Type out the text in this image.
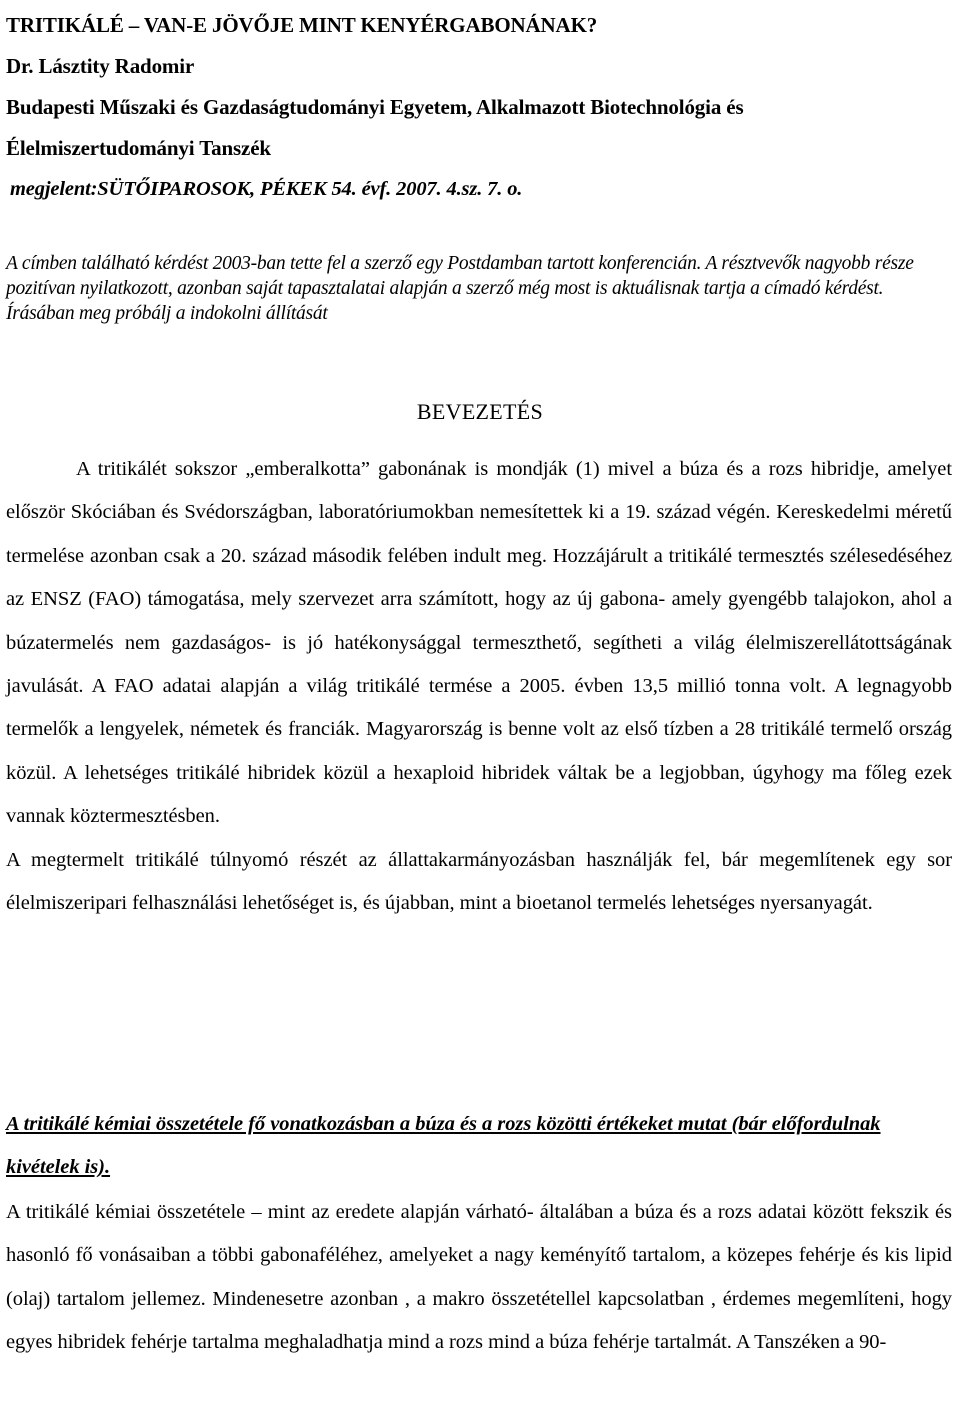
TRITIKÁLÉ – VAN-E JÖVŐJE MINT KENYÉRGABONÁNAK?
Dr. Lásztity Radomir
Budapesti Műszaki és Gazdaságtudományi Egyetem, Alkalmazott Biotechnológia és
Élelmiszertudományi Tanszék
megjelent:SÜTŐIPAROSOK, PÉKEK 54. évf. 2007. 4.sz. 7. o.

A címben található kérdést 2003-ban tette fel a szerző egy Postdamban tartott konferencián. A résztvevők nagyobb része pozitívan nyilatkozott, azonban saját tapasztalatai alapján a szerző még most is aktuálisnak tartja a címadó kérdést.

Írásában meg próbálj a indokolni állítását

BEVEZETÉS

A tritikálét sokszor „emberalkotta” gabonának is mondják (1) mivel a búza és a rozs hibridje, amelyet először Skóciában és Svédországban, laboratóriumokban nemesítettek ki a 19. század végén. Kereskedelmi méretű termelése azonban csak a 20. század második felében indult meg. Hozzájárult a tritikálé termesztés szélesedéséhez az ENSZ (FAO) támogatása, mely szervezet arra számított, hogy az új gabona- amely gyengébb talajokon, ahol a búzatermelés nem gazdaságos- is jó hatékonysággal termeszthető, segítheti a világ élelmiszerellátottságának javulását. A FAO adatai alapján a világ tritikálé termése a 2005. évben 13,5 millió tonna volt. A legnagyobb termelők a lengyelek, németek és franciák. Magyarország is benne volt az első tízben a 28 tritikálé termelő ország közül. A lehetséges tritikálé hibridek közül a hexaploid hibridek váltak be a legjobban, úgyhogy ma főleg ezek vannak köztermesztésben.

A megtermelt tritikálé túlnyomó részét az állattakarmányozásban használják fel, bár megemlítenek egy sor élelmiszeripari felhasználási lehetőséget is, és újabban, mint a bioetanol termelés lehetséges nyersanyagát.

A tritikálé kémiai összetétele fő vonatkozásban a búza és a rozs közötti értékeket mutat (bár előfordulnak kivételek is).

A tritikálé kémiai összetétele – mint az eredete alapján várható- általában a búza és a rozs adatai között fekszik és hasonló fő vonásaiban a többi gabonaféléhez, amelyeket a nagy keményítő tartalom, a közepes fehérje és kis lipid (olaj) tartalom jellemez. Mindenesetre azonban , a makro összetétellel kapcsolatban , érdemes megemlíteni, hogy egyes hibridek fehérje tartalma meghaladhatja mind a rozs mind a búza fehérje tartalmát. A Tanszéken a 90-
